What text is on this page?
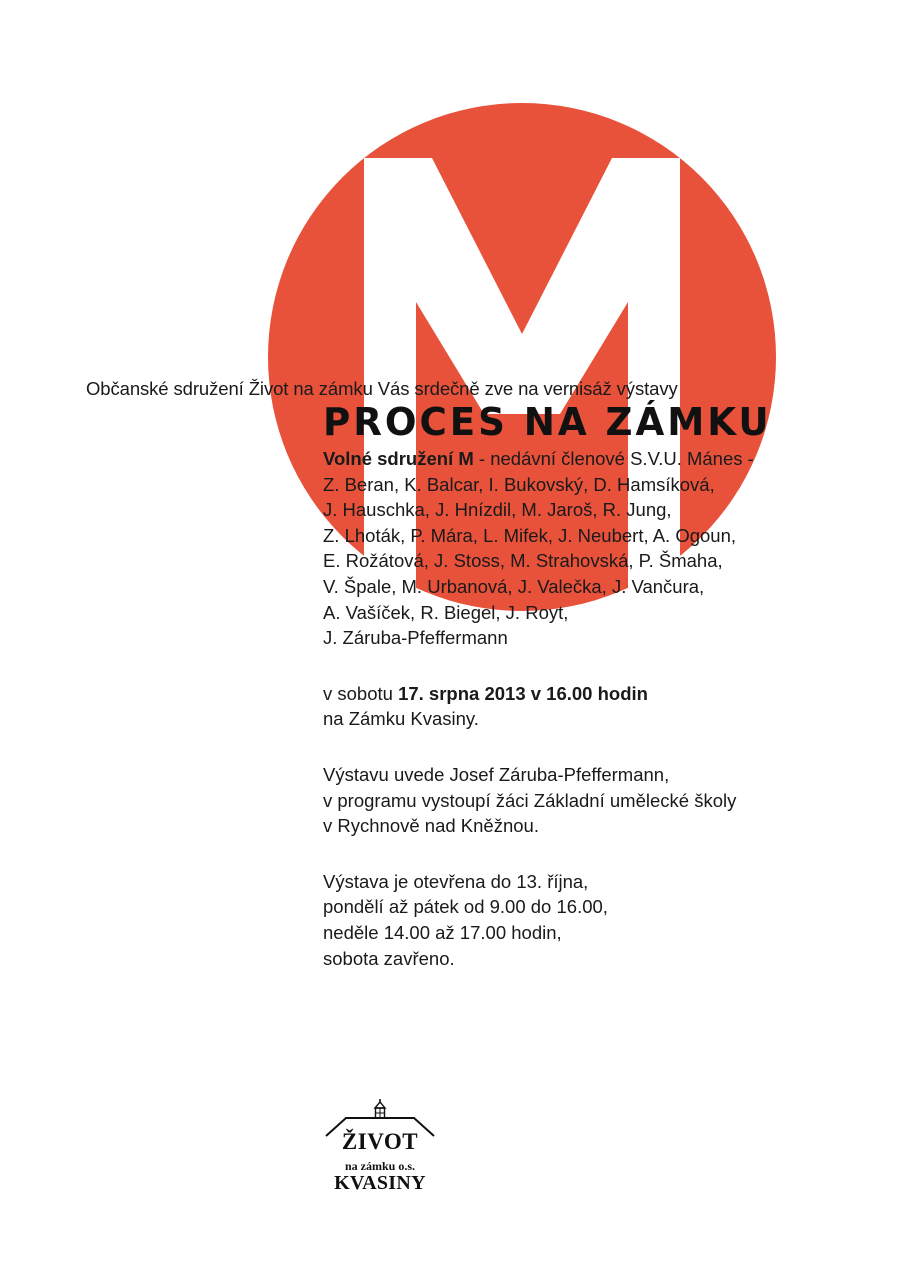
Občanské sdružení Život na zámku Vás srdečně zve na vernisáž výstavy
PROCES NA ZÁMKU

Volné sdružení M - nedávní členové S.V.U. Mánes -
Z. Beran, K. Balcar, I. Bukovský, D. Hamsíková,
J. Hauschka, J. Hnízdil, M. Jaroš, R. Jung,
Z. Lhoták, P. Mára, L. Mifek, J. Neubert, A. Ogoun,
E. Rožátová, J. Stoss, M. Strahovská, P. Šmaha,
V. Špale, M. Urbanová, J. Valečka, J. Vančura,
A. Vašíček, R. Biegel, J. Royt,
J. Záruba-Pfeffermann

v sobotu 17. srpna 2013 v 16.00 hodin
na Zámku Kvasiny.

Výstavu uvede Josef Záruba-Pfeffermann,
v programu vystoupí žáci Základní umělecké školy
v Rychnově nad Kněžnou.

Výstava je otevřena do 13. října,
pondělí až pátek od 9.00 do 16.00,
neděle 14.00 až 17.00 hodin,
sobota zavřeno.

ŽIVOT
na zámku o.s.
KVASINY
